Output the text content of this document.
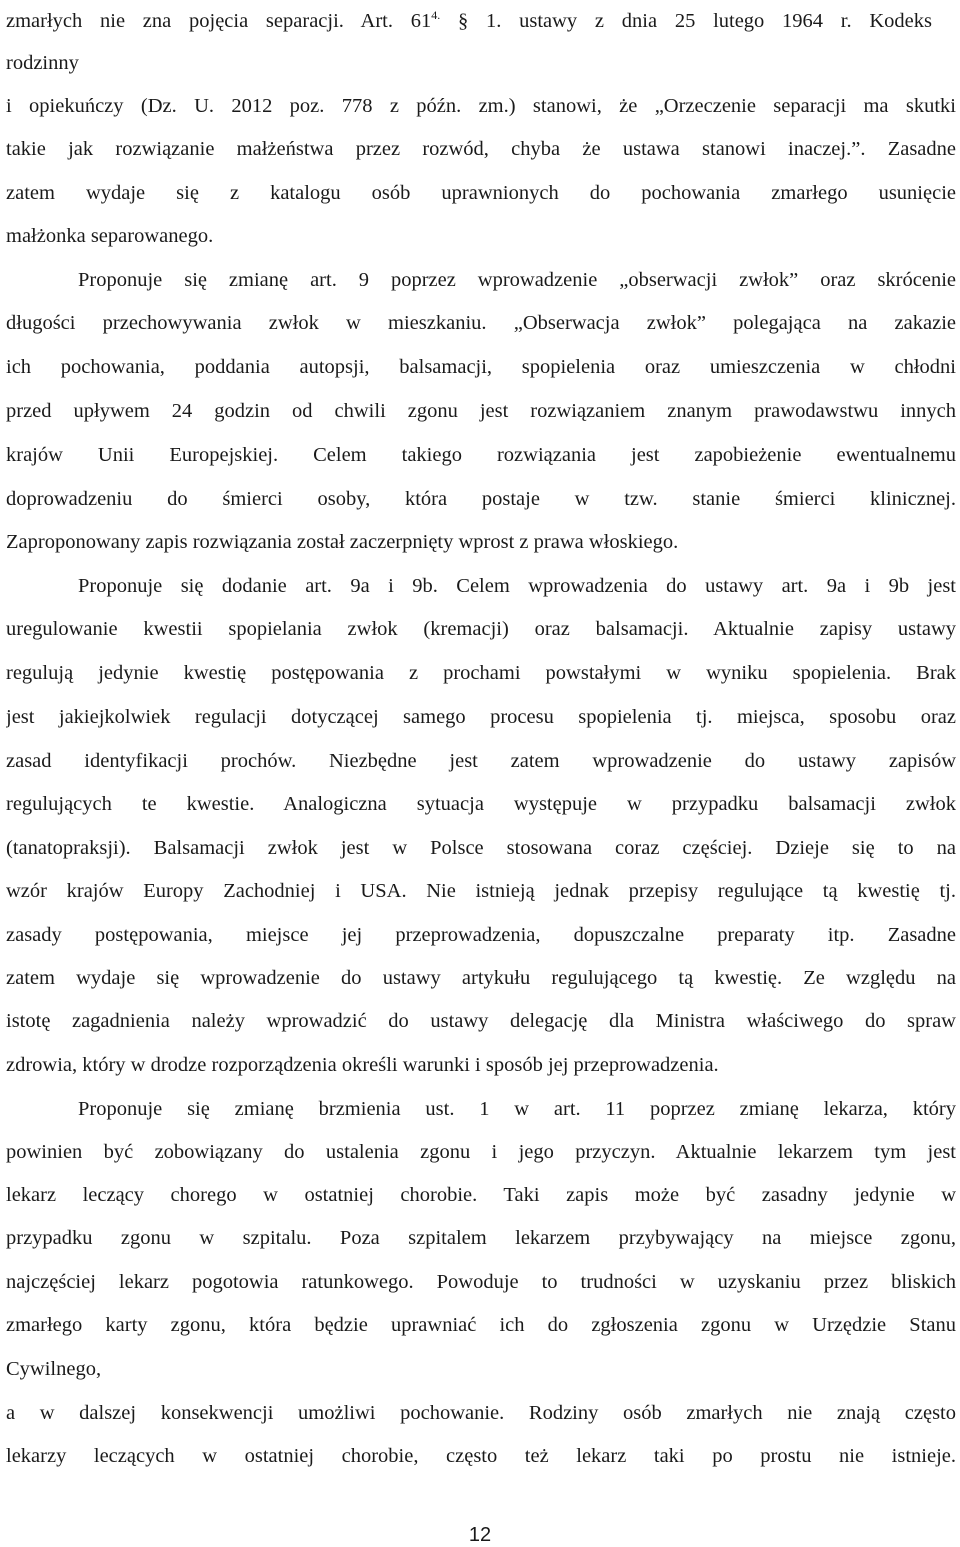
zmarłych nie zna pojęcia separacji. Art. $61^{4.}$ § 1. ustawy z dnia 25 lutego 1964 r. Kodeks
rodzinny
i opiekuńczy (Dz. U. 2012 poz. 778 z późn. zm.) stanowi, że „Orzeczenie separacji ma skutki
takie jak rozwiązanie małżeństwa przez rozwód, chyba że ustawa stanowi inaczej.”. Zasadne
zatem wydaje się z katalogu osób uprawnionych do pochowania zmarłego usunięcie
małżonka separowanego.
Proponuje się zmianę art. 9 poprzez wprowadzenie „obserwacji zwłok” oraz skrócenie
długości przechowywania zwłok w mieszkaniu. „Obserwacja zwłok” polegająca na zakazie
ich pochowania, poddania autopsji, balsamacji, spopielenia oraz umieszczenia w chłodni
przed upływem 24 godzin od chwili zgonu jest rozwiązaniem znanym prawodawstwu innych
krajów Unii Europejskiej. Celem takiego rozwiązania jest zapobieżenie ewentualnemu
doprowadzeniu do śmierci osoby, która postaje w tzw. stanie śmierci klinicznej.
Zaproponowany zapis rozwiązania został zaczerpnięty wprost z prawa włoskiego.
Proponuje się dodanie art. 9a i 9b. Celem wprowadzenia do ustawy art. 9a i 9b jest
uregulowanie kwestii spopielania zwłok (kremacji) oraz balsamacji. Aktualnie zapisy ustawy
regulują jedynie kwestię postępowania z prochami powstałymi w wyniku spopielenia. Brak
jest jakiejkolwiek regulacji dotyczącej samego procesu spopielenia tj. miejsca, sposobu oraz
zasad identyfikacji prochów. Niezbędne jest zatem wprowadzenie do ustawy zapisów
regulujących te kwestie. Analogiczna sytuacja występuje w przypadku balsamacji zwłok
(tanatopraksji). Balsamacji zwłok jest w Polsce stosowana coraz częściej. Dzieje się to na
wzór krajów Europy Zachodniej i USA. Nie istnieją jednak przepisy regulujące tą kwestię tj.
zasady postępowania, miejsce jej przeprowadzenia, dopuszczalne preparaty itp. Zasadne
zatem wydaje się wprowadzenie do ustawy artykułu regulującego tą kwestię. Ze względu na
istotę zagadnienia należy wprowadzić do ustawy delegację dla Ministra właściwego do spraw
zdrowia, który w drodze rozporządzenia określi warunki i sposób jej przeprowadzenia.
Proponuje się zmianę brzmienia ust. 1 w art. 11 poprzez zmianę lekarza, który
powinien być zobowiązany do ustalenia zgonu i jego przyczyn. Aktualnie lekarzem tym jest
lekarz leczący chorego w ostatniej chorobie. Taki zapis może być zasadny jedynie w
przypadku zgonu w szpitalu. Poza szpitalem lekarzem przybywający na miejsce zgonu,
najczęściej lekarz pogotowia ratunkowego. Powoduje to trudności w uzyskaniu przez bliskich
zmarłego karty zgonu, która będzie uprawniać ich do zgłoszenia zgonu w Urzędzie Stanu
Cywilnego,
a w dalszej konsekwencji umożliwi pochowanie. Rodziny osób zmarłych nie znają często
lekarzy leczących w ostatniej chorobie, często też lekarz taki po prostu nie istnieje.
12
